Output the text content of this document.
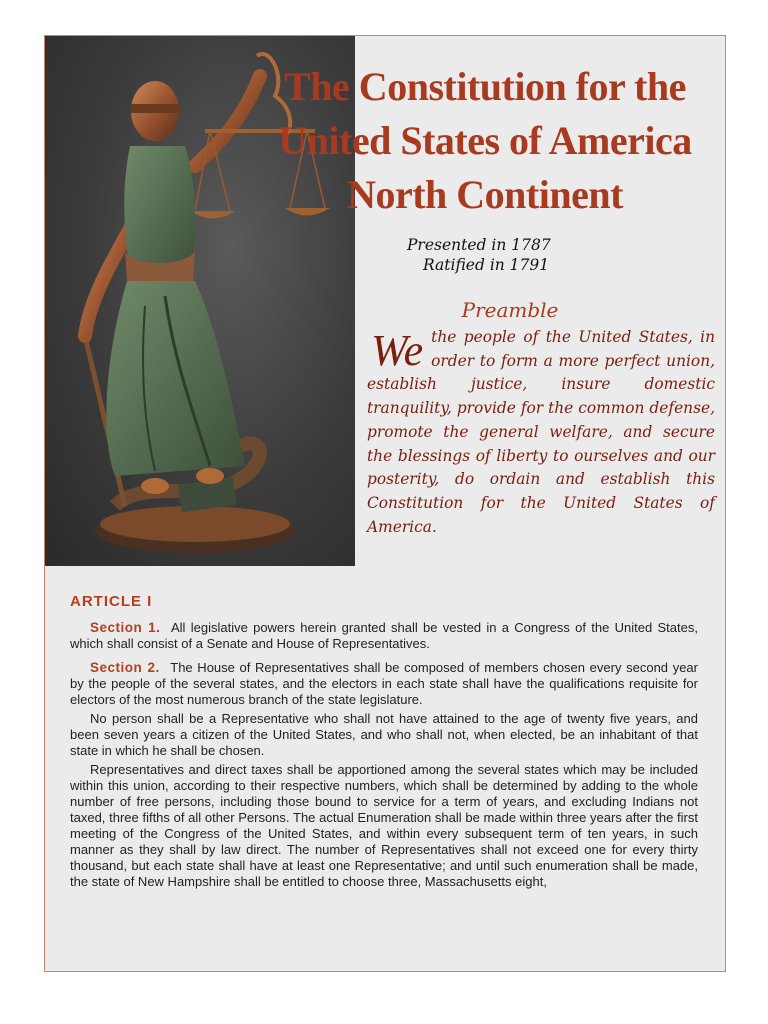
The Constitution for the
United States of America
North Continent
Presented in 1787
Ratified in 1791
Preamble
We the people of the United States, in order to form a more perfect union, establish justice, insure domestic tranquility, provide for the common defense, promote the general welfare, and secure the blessings of liberty to ourselves and our posterity, do ordain and establish this Constitution for the United States of America.
ARTICLE I

Section 1. All legislative powers herein granted shall be vested in a Congress of the United States, which shall consist of a Senate and House of Representatives.

Section 2. The House of Representatives shall be composed of members chosen every second year by the people of the several states, and the electors in each state shall have the qualifications requisite for electors of the most numerous branch of the state legislature.

No person shall be a Representative who shall not have attained to the age of twenty five years, and been seven years a citizen of the United States, and who shall not, when elected, be an inhabitant of that state in which he shall be chosen.

Representatives and direct taxes shall be apportioned among the several states which may be included within this union, according to their respective numbers, which shall be determined by adding to the whole number of free persons, including those bound to service for a term of years, and excluding Indians not taxed, three fifths of all other Persons. The actual Enumeration shall be made within three years after the first meeting of the Congress of the United States, and within every subsequent term of ten years, in such manner as they shall by law direct. The number of Representatives shall not exceed one for every thirty thousand, but each state shall have at least one Representative; and until such enumeration shall be made, the state of New Hampshire shall be entitled to choose three, Massachusetts eight,
